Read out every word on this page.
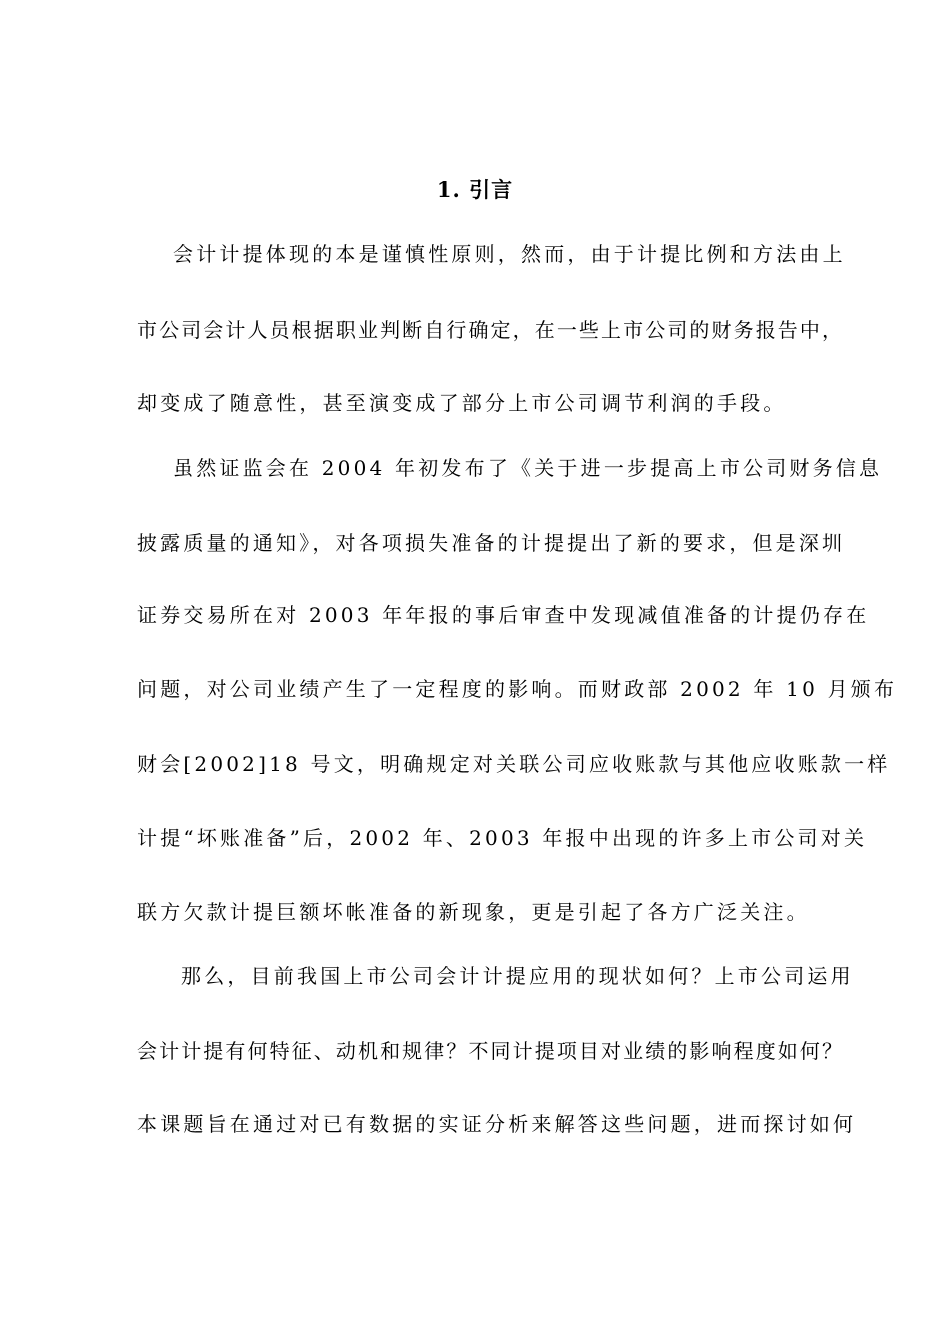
1. 引言
会计计提体现的本是谨慎性原则，然而，由于计提比例和方法由上
市公司会计人员根据职业判断自行确定，在一些上市公司的财务报告中，
却变成了随意性，甚至演变成了部分上市公司调节利润的手段。
虽然证监会在 2004 年初发布了《关于进一步提高上市公司财务信息
披露质量的通知》，对各项损失准备的计提提出了新的要求，但是深圳
证券交易所在对 2003 年年报的事后审查中发现减值准备的计提仍存在
问题，对公司业绩产生了一定程度的影响。而财政部 2002 年 10 月颁布
财会[2002]18 号文，明确规定对关联公司应收账款与其他应收账款一样
计提“坏账准备”后，2002 年、2003 年报中出现的许多上市公司对关
联方欠款计提巨额坏帐准备的新现象，更是引起了各方广泛关注。
那么，目前我国上市公司会计计提应用的现状如何？上市公司运用
会计计提有何特征、动机和规律？不同计提项目对业绩的影响程度如何？
本课题旨在通过对已有数据的实证分析来解答这些问题，进而探讨如何
